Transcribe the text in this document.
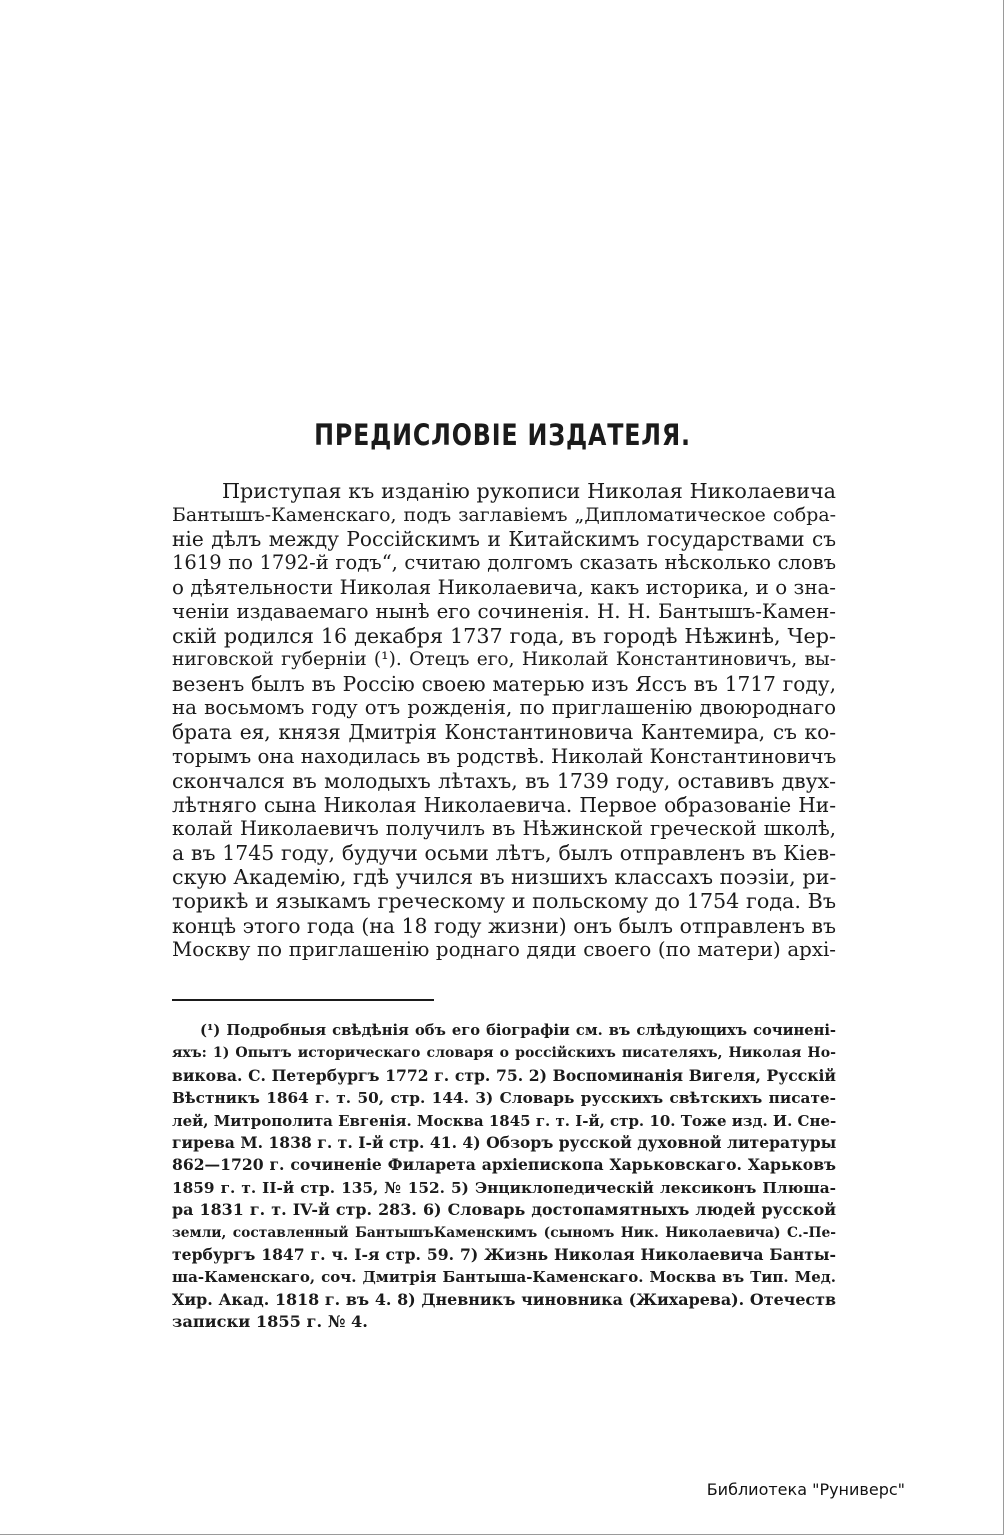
ПРЕДИСЛОВІЕ ИЗДАТЕЛЯ.
Приступая къ изданію рукописи Николая Николаевича
Бантышъ-Каменскаго, подъ заглавіемъ „Дипломатическое собра-
ніе дѣлъ между Россійскимъ и Китайскимъ государствами съ
1619 по 1792-й годъ“, считаю долгомъ сказать нѣсколько словъ
о дѣятельности Николая Николаевича, какъ историка, и о зна-
ченіи издаваемаго нынѣ его сочиненія. Н. Н. Бантышъ-Камен-
скій родился 16 декабря 1737 года, въ городѣ Нѣжинѣ, Чер-
ниговской губерніи (¹). Отецъ его, Николай Константиновичъ, вы-
везенъ былъ въ Россію своею матерью изъ Яссъ въ 1717 году,
на восьмомъ году отъ рожденія, по приглашенію двоюроднаго
брата ея, князя Дмитрія Константиновича Кантемира, съ ко-
торымъ она находилась въ родствѣ. Николай Константиновичъ
скончался въ молодыхъ лѣтахъ, въ 1739 году, оставивъ двух-
лѣтняго сына Николая Николаевича. Первое образованіе Ни-
колай Николаевичъ получилъ въ Нѣжинской греческой школѣ,
а въ 1745 году, будучи осьми лѣтъ, былъ отправленъ въ Кіев-
скую Академію, гдѣ учился въ низшихъ классахъ поэзіи, ри-
торикѣ и языкамъ греческому и польскому до 1754 года. Въ
концѣ этого года (на 18 году жизни) онъ былъ отправленъ въ
Москву по приглашенію роднаго дяди своего (по матери) архі-
(¹) Подробныя свѣдѣнія объ его біографіи см. въ слѣдующихъ сочиненi-
яхъ: 1) Опытъ историческаго словаря о россійскихъ писателяхъ, Николая Но-
викова. С. Петербургъ 1772 г. стр. 75. 2) Воспоминанія Вигеля, Русскій
Вѣстникъ 1864 г. т. 50, стр. 144. 3) Словарь русскихъ свѣтскихъ писате-
лей, Митрополита Евгенія. Москва 1845 г. т. I-й, стр. 10. Тоже изд. И. Сне-
гирева М. 1838 г. т. I-й стр. 41. 4) Обзоръ русской духовной литературы
862—1720 г. сочиненіе Филарета архіепископа Харьковскаго. Харьковъ
1859 г. т. II-й стр. 135, № 152. 5) Энциклопедическій лексиконъ Плюша-
ра 1831 г. т. IV-й стр. 283. 6) Словарь достопамятныхъ людей русской
земли, составленный БантышъКаменскимъ (сыномъ Ник. Николаевича) С.-Пе-
тербургъ 1847 г. ч. I-я стр. 59. 7) Жизнь Николая Николаевича Банты-
ша-Каменскаго, соч. Дмитрія Бантыша-Каменскаго. Москва въ Тип. Мед.
Хир. Акад. 1818 г. въ 4. 8) Дневникъ чиновника (Жихарева). Отечеств
записки 1855 г. № 4.
Библиотека "Руниверс"
